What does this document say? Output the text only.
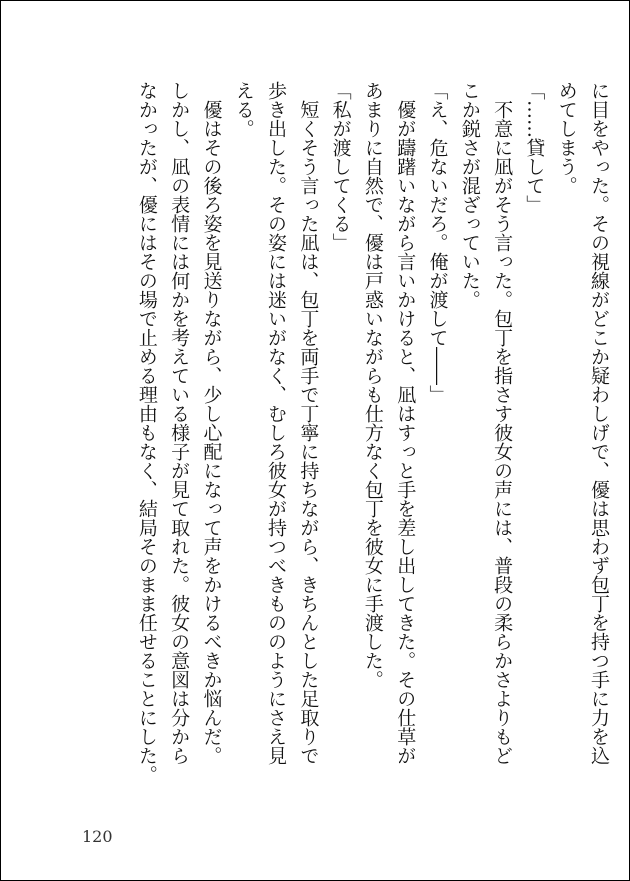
に目をやった。その視線がどこか疑わしげで、優は思わず包丁を持つ手に力を込
めてしまう。
「……貸して」
　不意に凪がそう言った。包丁を指さす彼女の声には、普段の柔らかさよりもど
こか鋭さが混ざっていた。
「え、危ないだろ。俺が渡して――」
　優が躊躇いながら言いかけると、凪はすっと手を差し出してきた。その仕草が
あまりに自然で、優は戸惑いながらも仕方なく包丁を彼女に手渡した。
「私が渡してくる」
　短くそう言った凪は、包丁を両手で丁寧に持ちながら、きちんとした足取りで
歩き出した。その姿には迷いがなく、むしろ彼女が持つべきもののようにさえ見
える。
　優はその後ろ姿を見送りながら、少し心配になって声をかけるべきか悩んだ。
しかし、凪の表情には何かを考えている様子が見て取れた。彼女の意図は分から
なかったが、優にはその場で止める理由もなく、結局そのまま任せることにした。
120
